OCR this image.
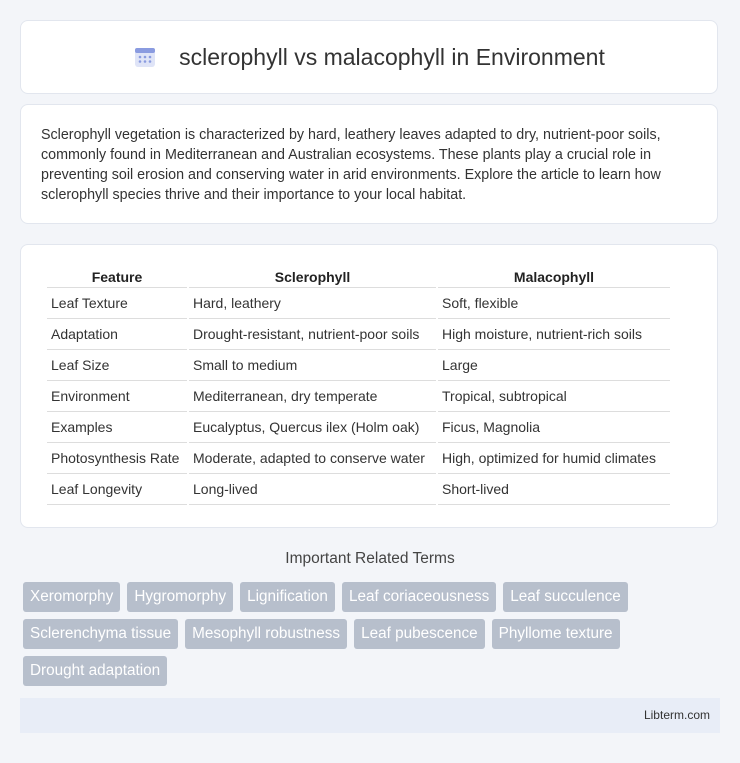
sclerophyll vs malacophyll in Environment

Sclerophyll vegetation is characterized by hard, leathery leaves adapted to dry, nutrient-poor soils, commonly found in Mediterranean and Australian ecosystems. These plants play a crucial role in preventing soil erosion and conserving water in arid environments. Explore the article to learn how sclerophyll species thrive and their importance to your local habitat.

Feature	Sclerophyll	Malacophyll
Leaf Texture	Hard, leathery	Soft, flexible
Adaptation	Drought-resistant, nutrient-poor soils	High moisture, nutrient-rich soils
Leaf Size	Small to medium	Large
Environment	Mediterranean, dry temperate	Tropical, subtropical
Examples	Eucalyptus, Quercus ilex (Holm oak)	Ficus, Magnolia
Photosynthesis Rate	Moderate, adapted to conserve water	High, optimized for humid climates
Leaf Longevity	Long-lived	Short-lived
Important Related Terms
Xeromorphy	Hygromorphy	Lignification	Leaf coriaceousness	Leaf succulence
Sclerenchyma tissue	Mesophyll robustness	Leaf pubescence	Phyllome texture
Drought adaptation
Libterm.com
